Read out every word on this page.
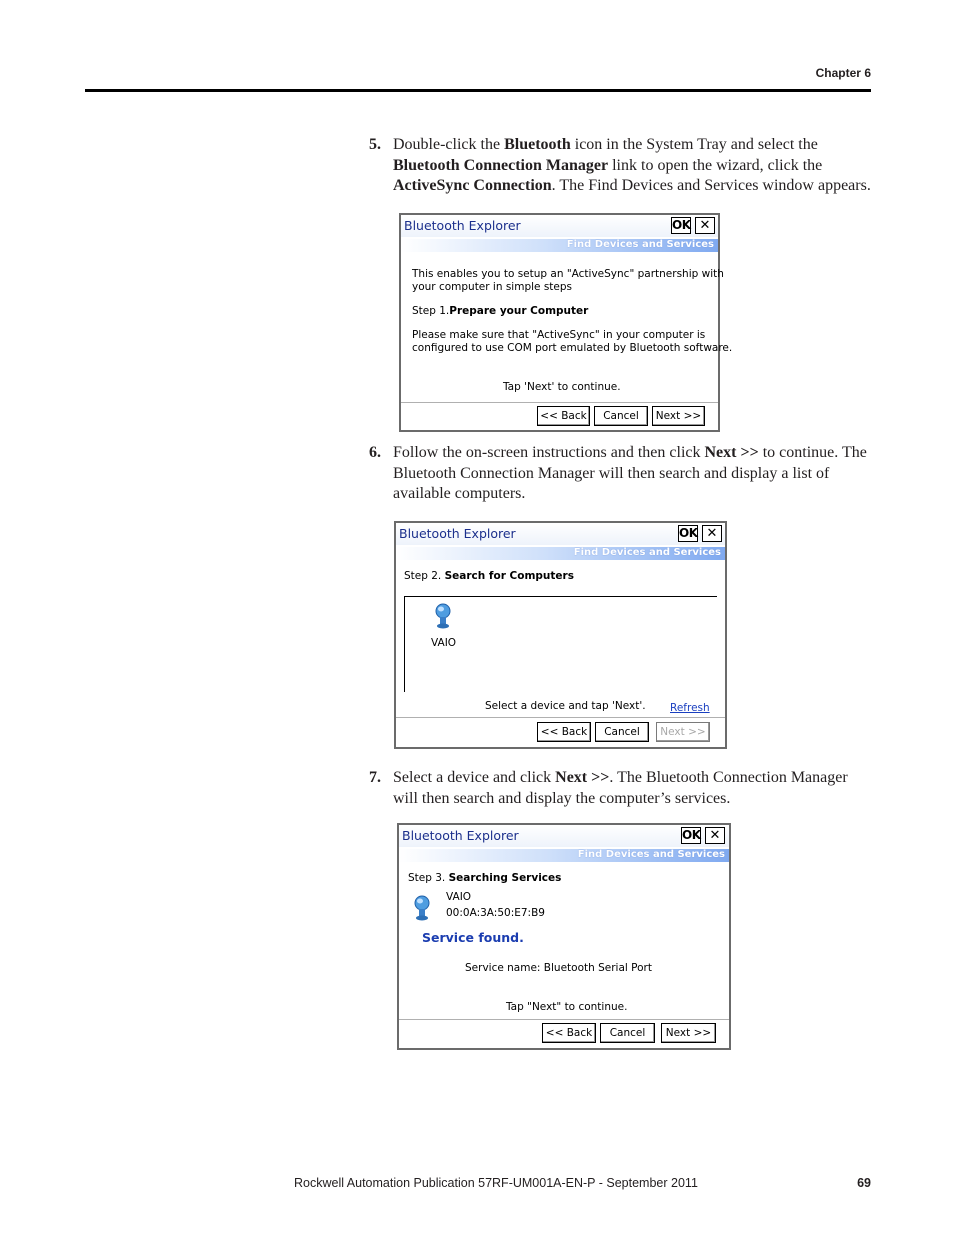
Chapter 6
5. Double-click the Bluetooth icon in the System Tray and select the Bluetooth Connection Manager link to open the wizard, click the ActiveSync Connection. The Find Devices and Services window appears.
Bluetooth Explorer	OK ✕
Find Devices and Services
This enables you to setup an "ActiveSync" partnership with
your computer in simple steps
Step 1.Prepare your Computer
Please make sure that "ActiveSync" in your computer is
configured to use COM port emulated by Bluetooth software.
Tap 'Next' to continue.
<< Back	Cancel	Next >>
6. Follow the on-screen instructions and then click Next >> to continue. The Bluetooth Connection Manager will then search and display a list of available computers.
Bluetooth Explorer	OK ✕
Find Devices and Services
Step 2. Search for Computers
VAIO
Select a device and tap 'Next'. Refresh
<< Back	Cancel	Next >>
7. Select a device and click Next >>. The Bluetooth Connection Manager will then search and display the computer’s services.
Bluetooth Explorer	OK ✕
Find Devices and Services
Step 3. Searching Services
VAIO
00:0A:3A:50:E7:B9
Service found.
Service name: Bluetooth Serial Port
Tap "Next" to continue.
<< Back	Cancel	Next >>
Rockwell Automation Publication 57RF-UM001A-EN-P - September 2011	69
